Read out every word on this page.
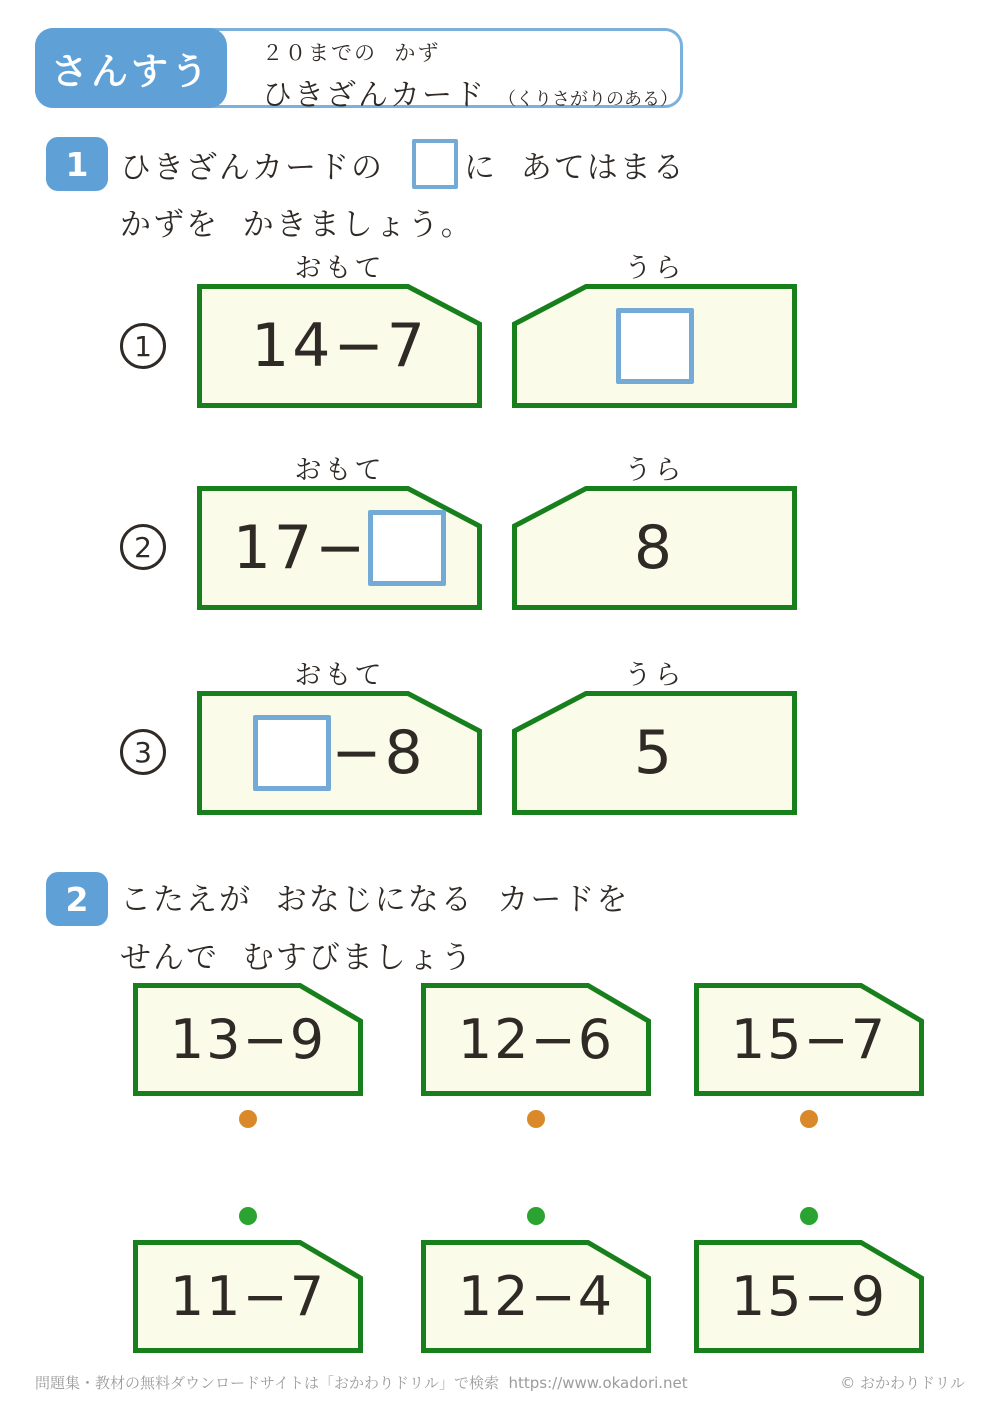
さんすう ２０までの  かず
ひきざんカード （くりさがりのある）
1 ひきざんカードの	に  あてはまる
かずを  かきましょう。
おもて	うら
1 14−7
おもて	うら
2 17−	8
おもて	うら
3	−8	5
2 こたえが  おなじになる  カードを
せんで  むすびましょう
13−9 12−6 15−7
11−7 12−4 15−9
問題集・教材の無料ダウンロードサイトは「おかわりドリル」で検索  https://www.okadori.net	© おかわりドリル
